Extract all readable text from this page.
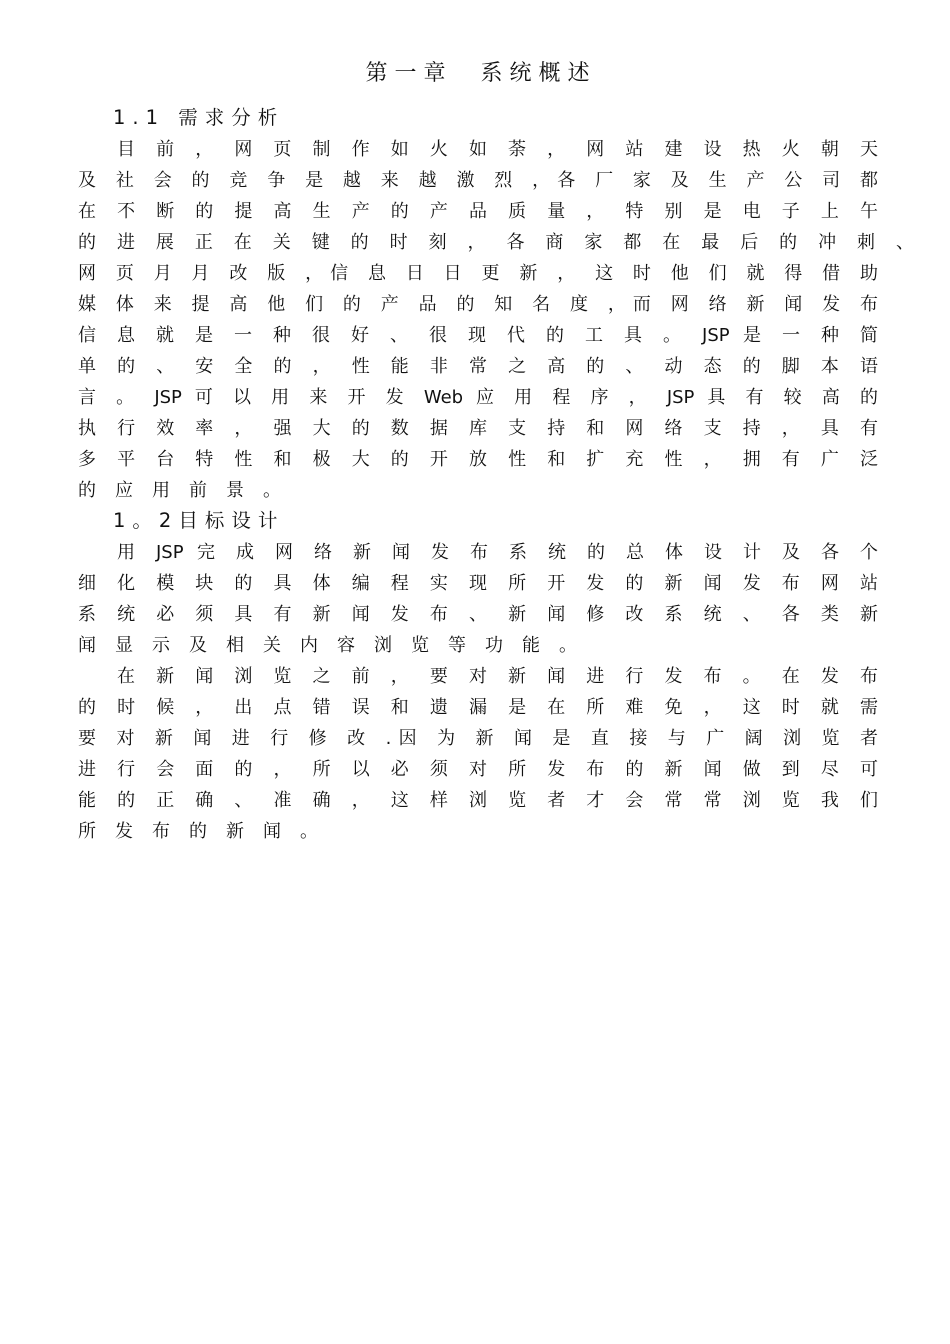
第一章  系统概述
1.1 需求分析
目 前 ， 网 页 制 作 如 火 如 荼 ， 网 站 建 设 热 火 朝 天
及 社 会 的 竞 争 是 越 来 越 激 烈 ，各 厂 家 及 生 产 公 司 都
在 不 断 的 提 高 生 产 的 产 品 质 量 ， 特 别 是 电 子 上 午
的 进 展 正 在 关 键 的 时 刻 ， 各 商 家 都 在 最 后 的 冲 刺 、
网 页 月 月 改 版 ，信 息 日 日 更 新 ， 这 时 他 们 就 得 借 助
媒 体 来 提 高 他 们 的 产 品 的 知 名 度 ，而 网 络 新 闻 发 布
信 息 就 是 一 种 很 好 、 很 现 代 的 工 具 。 JSP 是 一 种 简
单 的 、 安 全 的 ， 性 能 非 常 之 高 的 、 动 态 的 脚 本 语
言 。 JSP 可 以 用 来 开 发 Web 应 用 程 序 ， JSP 具 有 较 高 的
执 行 效 率 ， 强 大 的 数 据 库 支 持 和 网 络 支 持 ， 具 有
多 平 台 特 性 和 极 大 的 开 放 性 和 扩 充 性 ， 拥 有 广 泛
的应用前景。
1。2目标设计
用 JSP 完 成 网 络 新 闻 发 布 系 统 的 总 体 设 计 及 各 个
细 化 模 块 的 具 体 编 程 实 现 所 开 发 的 新 闻 发 布 网 站
系 统 必 须 具 有 新 闻 发 布 、 新 闻 修 改 系 统 、 各 类 新
闻显示及相关内容浏览等功能。
在 新 闻 浏 览 之 前 ， 要 对 新 闻 进 行 发 布 。 在 发 布
的 时 候 ， 出 点 错 误 和 遗 漏 是 在 所 难 免 ， 这 时 就 需
要 对 新 闻 进 行 修 改 .因 为 新 闻 是 直 接 与 广 阔 浏 览 者
进 行 会 面 的 ， 所 以 必 须 对 所 发 布 的 新 闻 做 到 尽 可
能 的 正 确 、 准 确 ， 这 样 浏 览 者 才 会 常 常 浏 览 我 们
所发布的新闻。
